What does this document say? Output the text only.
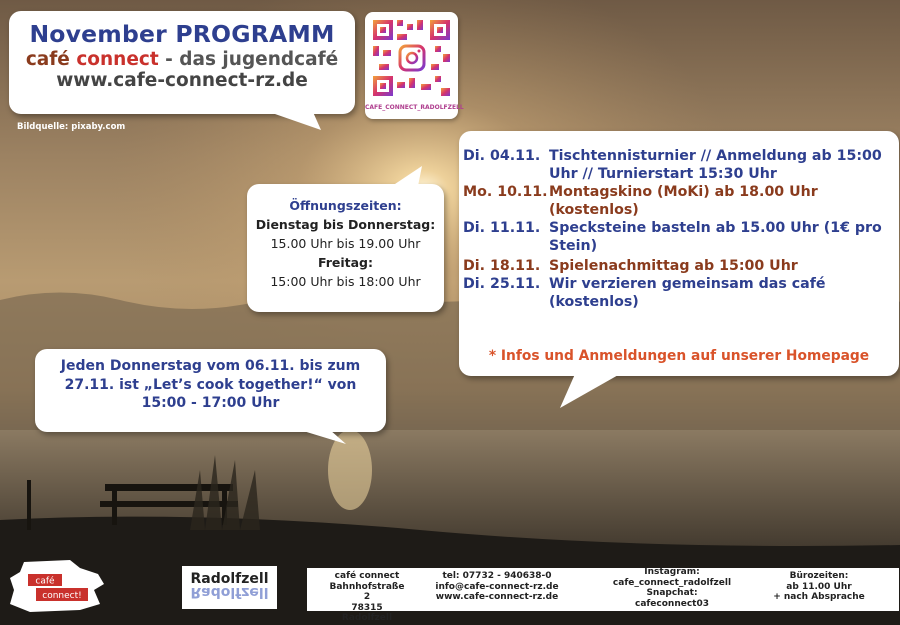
November PROGRAMM
café connect - das jugendcafé
www.cafe-connect-rz.de
Bildquelle: pixaby.com
CAFE_CONNECT_RADOLFZELL
Öffnungszeiten:
Dienstag bis Donnerstag:
15.00 Uhr bis 19.00 Uhr
Freitag:
15:00 Uhr bis 18:00 Uhr
Di. 04.11. Tischtennisturnier // Anmeldung ab 15:00 Uhr // Turnierstart 15:30 Uhr
Mo. 10.11. Montagskino (MoKi) ab 18.00 Uhr (kostenlos)
Di. 11.11. Specksteine basteln ab 15.00 Uhr (1€ pro Stein)
Di. 18.11. Spielenachmittag ab 15:00 Uhr
Di. 25.11. Wir verzieren gemeinsam das café (kostenlos)
* Infos und Anmeldungen auf unserer Homepage
Jeden Donnerstag vom 06.11. bis zum 27.11. ist „Let’s cook together!“ von 15:00 - 17:00 Uhr
café
connect!
Radolfzell
Radolfzell
café connect
Bahnhofstraße 2
78315 Radolfzell
tel: 07732 - 940638-0
info@cafe-connect-rz.de
www.cafe-connect-rz.de
Instagram:
cafe_connect_radolfzell
Snapchat:
cafeconnect03
Bürozeiten:
ab 11.00 Uhr
+ nach Absprache
